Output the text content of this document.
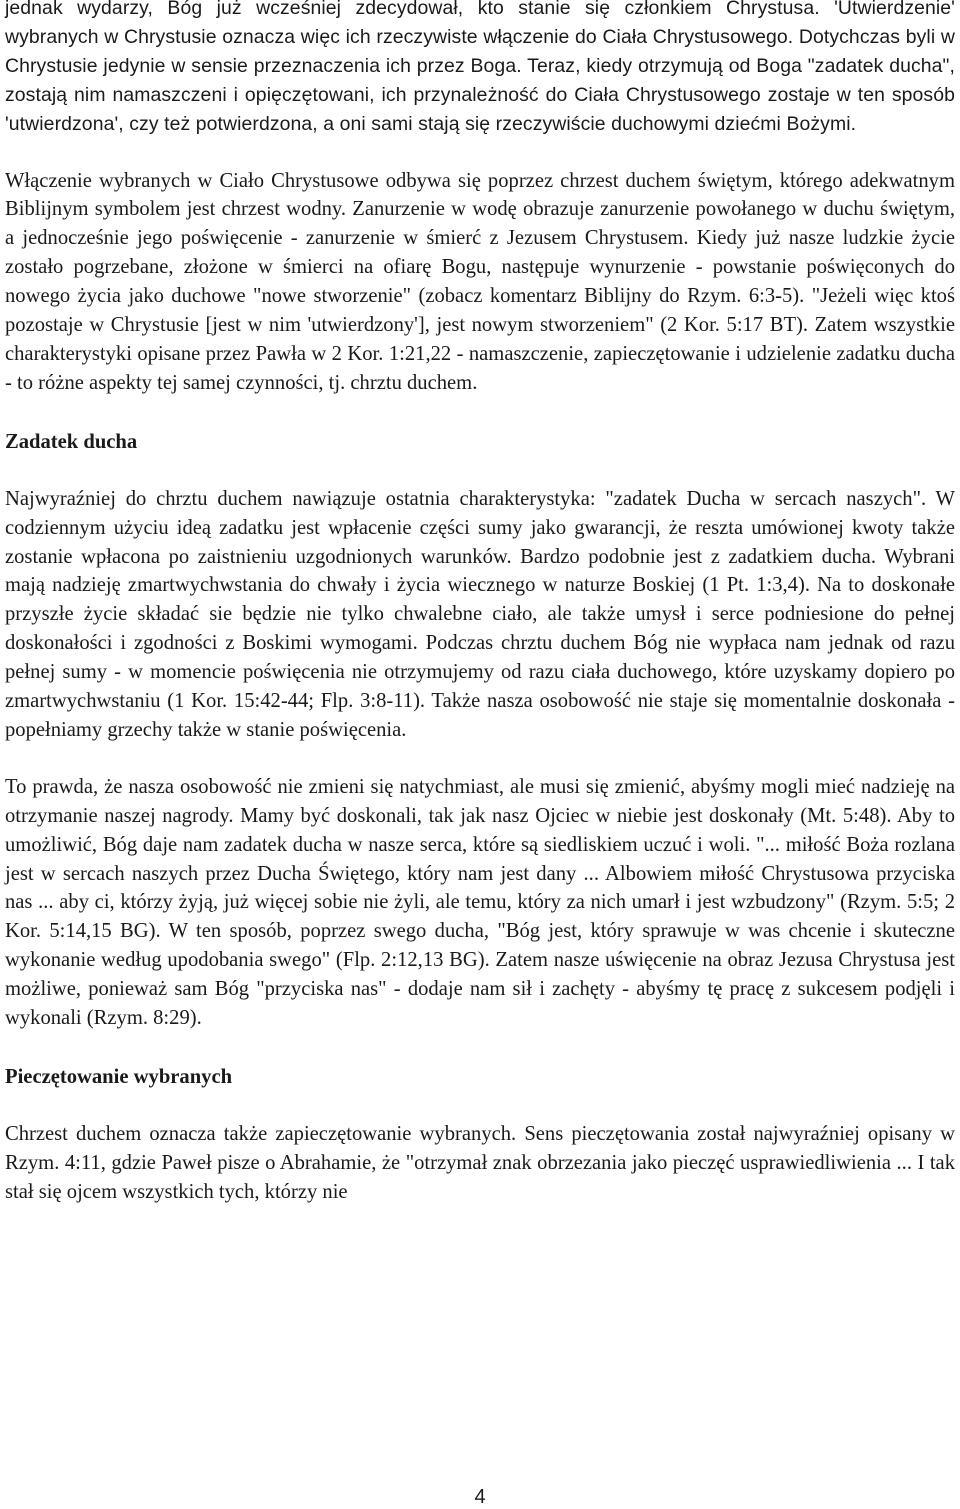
jednak wydarzy, Bóg już wcześniej zdecydował, kto stanie się członkiem Chrystusa. 'Utwierdzenie' wybranych w Chrystusie oznacza więc ich rzeczywiste włączenie do Ciała Chrystusowego. Dotychczas byli w Chrystusie jedynie w sensie przeznaczenia ich przez Boga. Teraz, kiedy otrzymują od Boga "zadatek ducha", zostają nim namaszczeni i opięczętowani, ich przynależność do Ciała Chrystusowego zostaje w ten sposób 'utwierdzona', czy też potwierdzona, a oni sami stają się rzeczywiście duchowymi dziećmi Bożymi.

Włączenie wybranych w Ciało Chrystusowe odbywa się poprzez chrzest duchem świętym, którego adekwatnym Biblijnym symbolem jest chrzest wodny. Zanurzenie w wodę obrazuje zanurzenie powołanego w duchu świętym, a jednocześnie jego poświęcenie - zanurzenie w śmierć z Jezusem Chrystusem. Kiedy już nasze ludzkie życie zostało pogrzebane, złożone w śmierci na ofiarę Bogu, następuje wynurzenie - powstanie poświęconych do nowego życia jako duchowe "nowe stworzenie" (zobacz komentarz Biblijny do Rzym. 6:3-5). "Jeżeli więc ktoś pozostaje w Chrystusie [jest w nim 'utwierdzony'], jest nowym stworzeniem" (2 Kor. 5:17 BT). Zatem wszystkie charakterystyki opisane przez Pawła w 2 Kor. 1:21,22 - namaszczenie, zapieczętowanie i udzielenie zadatku ducha - to różne aspekty tej samej czynności, tj. chrztu duchem.

Zadatek ducha

Najwyraźniej do chrztu duchem nawiązuje ostatnia charakterystyka: "zadatek Ducha w sercach naszych". W codziennym użyciu ideą zadatku jest wpłacenie części sumy jako gwarancji, że reszta umówionej kwoty także zostanie wpłacona po zaistnieniu uzgodnionych warunków. Bardzo podobnie jest z zadatkiem ducha. Wybrani mają nadzieję zmartwychwstania do chwały i życia wiecznego w naturze Boskiej (1 Pt. 1:3,4). Na to doskonałe przyszłe życie składać sie będzie nie tylko chwalebne ciało, ale także umysł i serce podniesione do pełnej doskonałości i zgodności z Boskimi wymogami. Podczas chrztu duchem Bóg nie wypłaca nam jednak od razu pełnej sumy - w momencie poświęcenia nie otrzymujemy od razu ciała duchowego, które uzyskamy dopiero po zmartwychwstaniu (1 Kor. 15:42-44; Flp. 3:8-11). Także nasza osobowość nie staje się momentalnie doskonała - popełniamy grzechy także w stanie poświęcenia.

To prawda, że nasza osobowość nie zmieni się natychmiast, ale musi się zmienić, abyśmy mogli mieć nadzieję na otrzymanie naszej nagrody. Mamy być doskonali, tak jak nasz Ojciec w niebie jest doskonały (Mt. 5:48). Aby to umożliwić, Bóg daje nam zadatek ducha w nasze serca, które są siedliskiem uczuć i woli. "... miłość Boża rozlana jest w sercach naszych przez Ducha Świętego, który nam jest dany ... Albowiem miłość Chrystusowa przyciska nas ... aby ci, którzy żyją, już więcej sobie nie żyli, ale temu, który za nich umarł i jest wzbudzony" (Rzym. 5:5; 2 Kor. 5:14,15 BG). W ten sposób, poprzez swego ducha, "Bóg jest, który sprawuje w was chcenie i skuteczne wykonanie według upodobania swego" (Flp. 2:12,13 BG). Zatem nasze uświęcenie na obraz Jezusa Chrystusa jest możliwe, ponieważ sam Bóg "przyciska nas" - dodaje nam sił i zachęty - abyśmy tę pracę z sukcesem podjęli i wykonali (Rzym. 8:29).

Pieczętowanie wybranych

Chrzest duchem oznacza także zapieczętowanie wybranych. Sens pieczętowania został najwyraźniej opisany w Rzym. 4:11, gdzie Paweł pisze o Abrahamie, że "otrzymał znak obrzezania jako pieczęć usprawiedliwienia ... I tak stał się ojcem wszystkich tych, którzy nie

4
